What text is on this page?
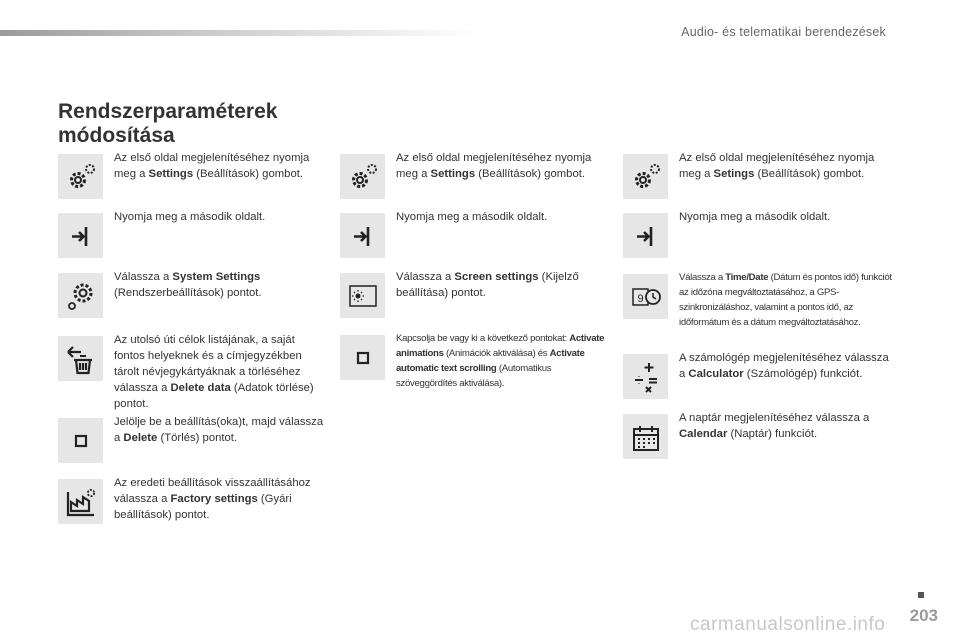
Audio- és telematikai berendezések
Rendszerparaméterek
módosítása
Az első oldal megjelenítéséhez nyomja meg a Settings (Beállítások) gombot.
Nyomja meg a második oldalt.
Válassza a System Settings (Rendszerbeállítások) pontot.
Az utolsó úti célok listájának, a saját fontos helyeknek és a címjegyzékben tárolt névjegykártyáknak a törléséhez válassza a Delete data (Adatok törlése) pontot.
Jelölje be a beállítás(oka)t, majd válassza a Delete (Törlés) pontot.
Az eredeti beállítások visszaállításához válassza a Factory settings (Gyári beállítások) pontot.
Az első oldal megjelenítéséhez nyomja meg a Settings (Beállítások) gombot.
Nyomja meg a második oldalt.
Válassza a Screen settings (Kijelző beállítása) pontot.
Kapcsolja be vagy ki a következő pontokat: Activate animations (Animációk aktiválása) és Activate automatic text scrolling (Automatikus szöveggördítés aktiválása).
Az első oldal megjelenítéséhez nyomja meg a Setings (Beállítások) gombot.
Nyomja meg a második oldalt.
9
Válassza a Time/Date (Dátum és pontos idő) funkciót az időzóna megváltoztatásához, a GPS-szinkronizáláshoz, valamint a pontos idő, az időformátum és a dátum megváltoztatásához.
A számológép megjelenítéséhez válassza a Calculator (Számológép) funkciót.
A naptár megjelenítéséhez válassza a Calendar (Naptár) funkciót.
203
carmanualsonline.info
